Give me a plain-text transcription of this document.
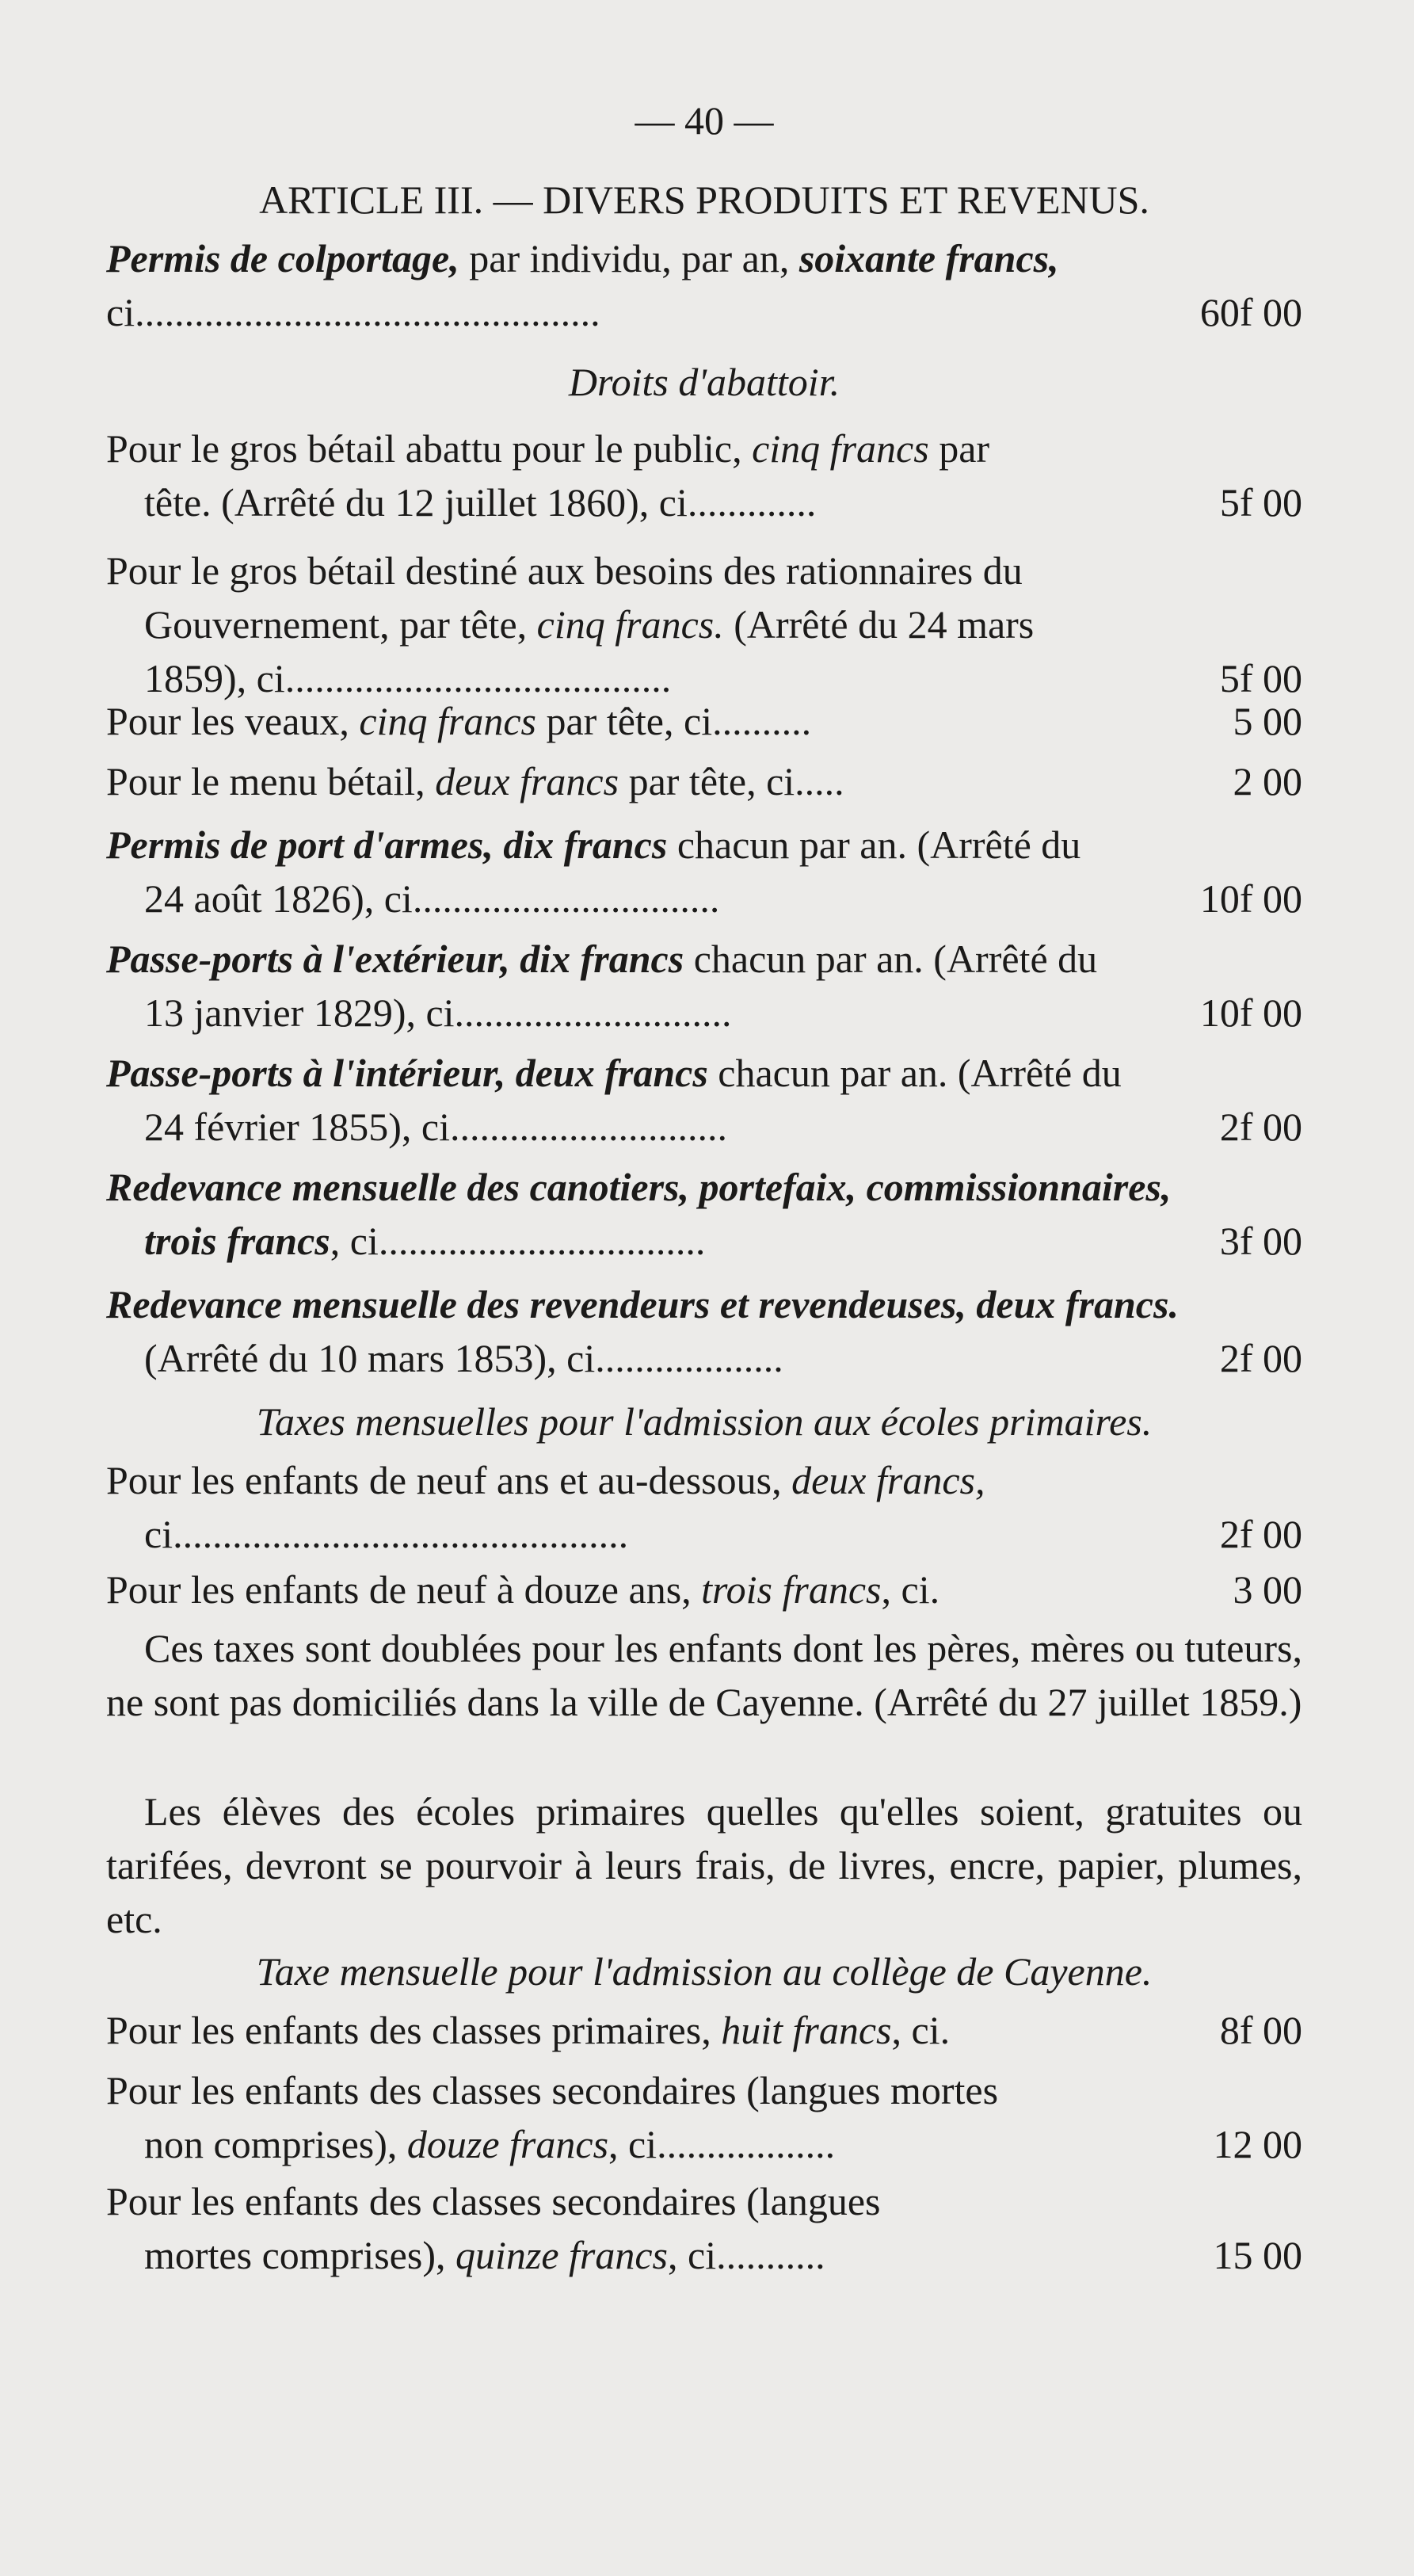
— 40 —
ARTICLE III. — DIVERS PRODUITS ET REVENUS.
Permis de colportage, par individu, par an, soixante francs,
ci...............................................	60f 00
Droits d'abattoir.
Pour le gros bétail abattu pour le public, cinq francs par
tête. (Arrêté du 12 juillet 1860), ci.............	5f 00
Pour le gros bétail destiné aux besoins des rationnaires du
Gouvernement, par tête, cinq francs. (Arrêté du 24 mars
1859), ci.......................................	5f 00
Pour les veaux, cinq francs par tête, ci..........	5 00
Pour le menu bétail, deux francs par tête, ci.....	2 00
Permis de port d'armes, dix francs chacun par an. (Arrêté du
24 août 1826), ci...............................	10f 00
Passe-ports à l'extérieur, dix francs chacun par an. (Arrêté du
13 janvier 1829), ci............................	10f 00
Passe-ports à l'intérieur, deux francs chacun par an. (Arrêté du
24 février 1855), ci............................	2f 00
Redevance mensuelle des canotiers, portefaix, commissionnaires,
trois francs, ci.................................	3f 00
Redevance mensuelle des revendeurs et revendeuses, deux francs.
(Arrêté du 10 mars 1853), ci...................	2f 00
Taxes mensuelles pour l'admission aux écoles primaires.
Pour les enfants de neuf ans et au-dessous, deux francs,
ci..............................................	2f 00
Pour les enfants de neuf à douze ans, trois francs, ci.	3 00
Ces taxes sont doublées pour les enfants dont les pères, mères ou tuteurs, ne sont pas domiciliés dans la ville de Cayenne. (Arrêté du 27 juillet 1859.)
Les élèves des écoles primaires quelles qu'elles soient, gratuites ou tarifées, devront se pourvoir à leurs frais, de livres, encre, papier, plumes, etc.
Taxe mensuelle pour l'admission au collège de Cayenne.
Pour les enfants des classes primaires, huit francs, ci.	8f 00
Pour les enfants des classes secondaires (langues mortes
non comprises), douze francs, ci..................	12 00
Pour les enfants des classes secondaires (langues
mortes comprises), quinze francs, ci...........	15 00
